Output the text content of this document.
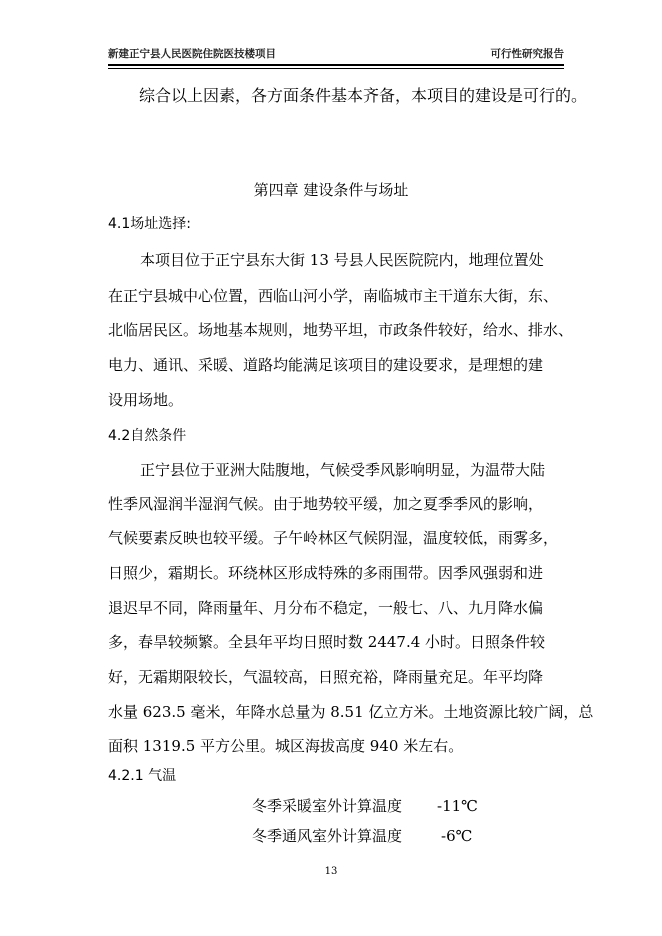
新建正宁县人民医院住院医技楼项目	可行性研究报告
综合以上因素，各方面条件基本齐备，本项目的建设是可行的。
第四章 建设条件与场址
4.1场址选择:
本项目位于正宁县东大街 13 号县人民医院院内，地理位置处
在正宁县城中心位置，西临山河小学，南临城市主干道东大街，东、
北临居民区。场地基本规则，地势平坦，市政条件较好，给水、排水、
电力、通讯、采暖、道路均能满足该项目的建设要求，是理想的建
设用场地。
4.2自然条件
正宁县位于亚洲大陆腹地，气候受季风影响明显，为温带大陆
性季风湿润半湿润气候。由于地势较平缓，加之夏季季风的影响，
气候要素反映也较平缓。子午岭林区气候阴湿，温度较低，雨雾多，
日照少，霜期长。环绕林区形成特殊的多雨围带。因季风强弱和进
退迟早不同，降雨量年、月分布不稳定，一般七、八、九月降水偏
多，春旱较频繁。全县年平均日照时数 2447.4 小时。日照条件较
好，无霜期限较长，气温较高，日照充裕，降雨量充足。年平均降
水量 623.5 毫米，年降水总量为 8.51 亿立方米。土地资源比较广阔，总
面积 1319.5 平方公里。城区海拔高度 940 米左右。
4.2.1 气温
冬季采暖室外计算温度 -11℃
冬季通风室外计算温度	-6℃
13
